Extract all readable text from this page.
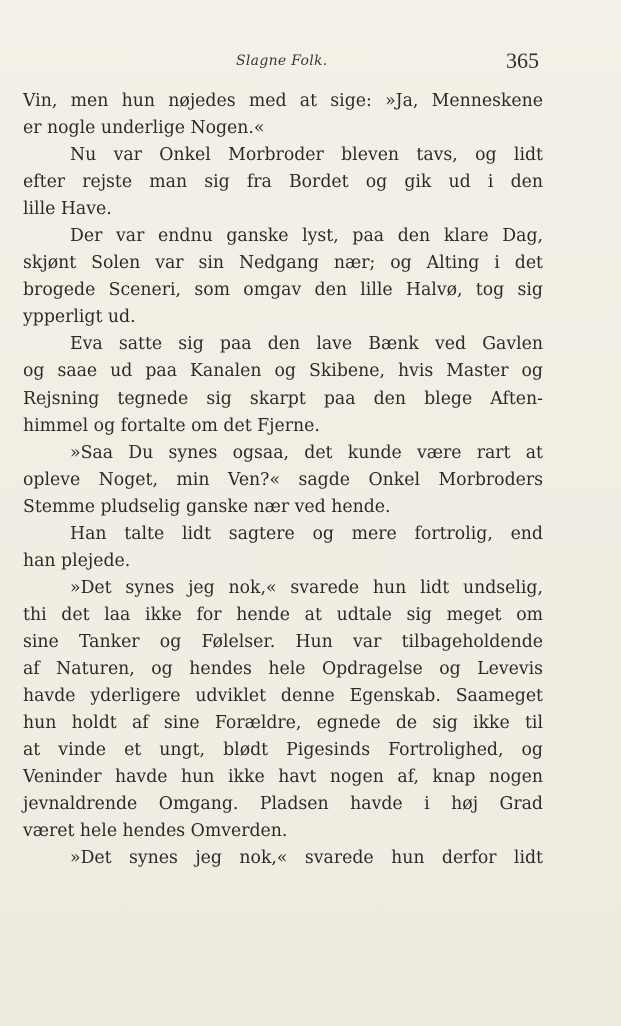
Slagne Folk.	365
Vin, men hun nøjedes med at sige: »Ja, Menneskene
er nogle underlige Nogen.«
Nu var Onkel Morbroder bleven tavs, og lidt
efter rejste man sig fra Bordet og gik ud i den
lille Have.
Der var endnu ganske lyst, paa den klare Dag,
skjønt Solen var sin Nedgang nær; og Alting i det
brogede Sceneri, som omgav den lille Halvø, tog sig
ypperligt ud.
Eva satte sig paa den lave Bænk ved Gavlen
og saae ud paa Kanalen og Skibene, hvis Master og
Rejsning tegnede sig skarpt paa den blege Aften-
himmel og fortalte om det Fjerne.
»Saa Du synes ogsaa, det kunde være rart at
opleve Noget, min Ven?« sagde Onkel Morbroders
Stemme pludselig ganske nær ved hende.
Han talte lidt sagtere og mere fortrolig, end
han plejede.
»Det synes jeg nok,« svarede hun lidt undselig,
thi det laa ikke for hende at udtale sig meget om
sine Tanker og Følelser. Hun var tilbageholdende
af Naturen, og hendes hele Opdragelse og Levevis
havde yderligere udviklet denne Egenskab. Saameget
hun holdt af sine Forældre, egnede de sig ikke til
at vinde et ungt, blødt Pigesinds Fortrolighed, og
Veninder havde hun ikke havt nogen af, knap nogen
jevnaldrende Omgang. Pladsen havde i høj Grad
været hele hendes Omverden.
»Det synes jeg nok,« svarede hun derfor lidt
